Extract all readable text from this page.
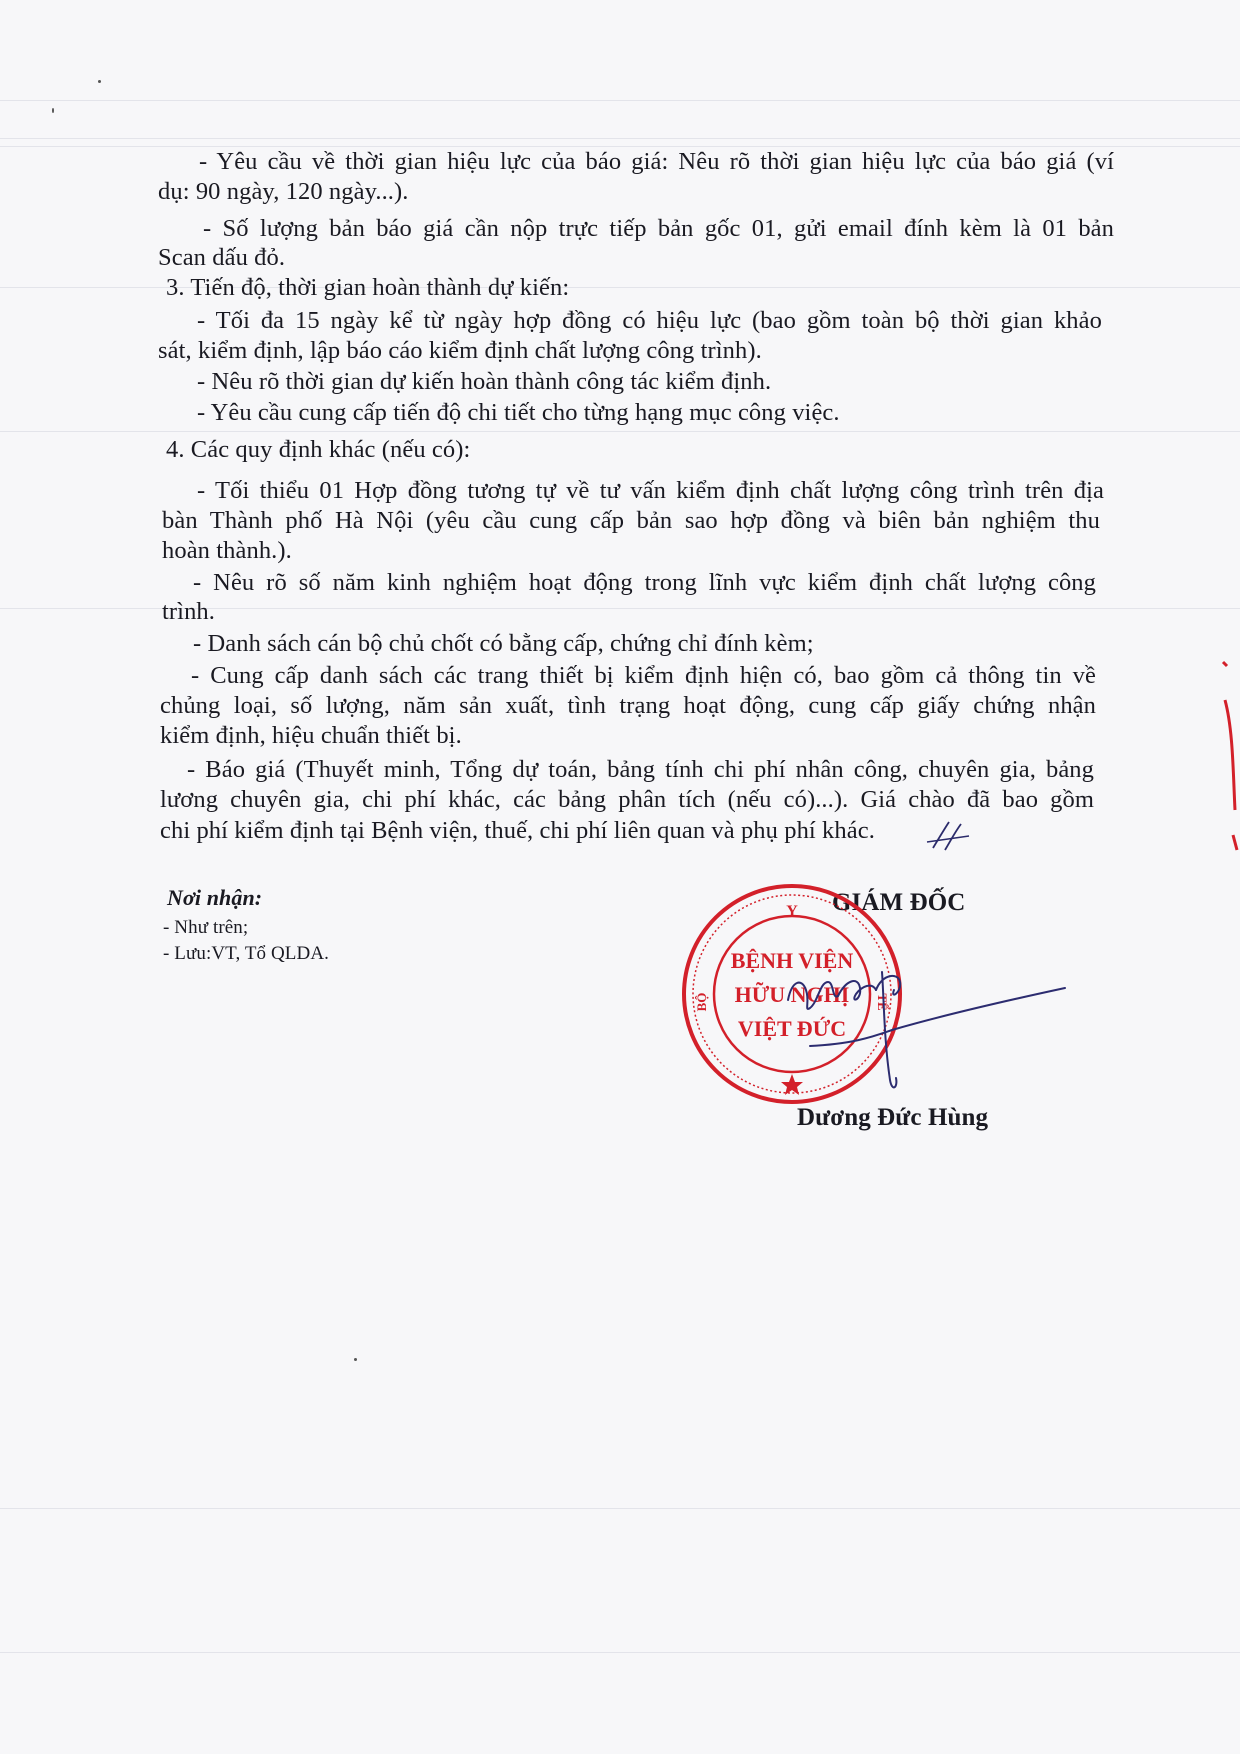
- Yêu cầu về thời gian hiệu lực của báo giá: Nêu rõ thời gian hiệu lực của báo giá (ví
dụ: 90 ngày, 120 ngày...).
- Số lượng bản báo giá cần nộp trực tiếp bản gốc 01, gửi email đính kèm là 01 bản
Scan dấu đỏ.
3. Tiến độ, thời gian hoàn thành dự kiến:
- Tối đa 15 ngày kể từ ngày hợp đồng có hiệu lực (bao gồm toàn bộ thời gian khảo
sát, kiểm định, lập báo cáo kiểm định chất lượng công trình).
- Nêu rõ thời gian dự kiến hoàn thành công tác kiểm định.
- Yêu cầu cung cấp tiến độ chi tiết cho từng hạng mục công việc.
4. Các quy định khác (nếu có):
- Tối thiểu 01 Hợp đồng tương tự về tư vấn kiểm định chất lượng công trình trên địa
bàn Thành phố Hà Nội (yêu cầu cung cấp bản sao hợp đồng và biên bản nghiệm thu
hoàn thành.).
- Nêu rõ số năm kinh nghiệm hoạt động trong lĩnh vực kiểm định chất lượng công
trình.
- Danh sách cán bộ chủ chốt có bằng cấp, chứng chỉ đính kèm;
- Cung cấp danh sách các trang thiết bị kiểm định hiện có, bao gồm cả thông tin về
chủng loại, số lượng, năm sản xuất, tình trạng hoạt động, cung cấp giấy chứng nhận
kiểm định, hiệu chuẩn thiết bị.
- Báo giá (Thuyết minh, Tổng dự toán, bảng tính chi phí nhân công, chuyên gia, bảng
lương chuyên gia, chi phí khác, các bảng phân tích (nếu có)...). Giá chào đã bao gồm
chi phí kiểm định tại Bệnh viện, thuế, chi phí liên quan và phụ phí khác.
Nơi nhận:
- Như trên;
- Lưu:VT, Tổ QLDA.
GIÁM ĐỐC
Dương Đức Hùng
Y
BỘ	TẾ
BỆNH VIỆN
HỮU NGHỊ
VIỆT ĐỨC
